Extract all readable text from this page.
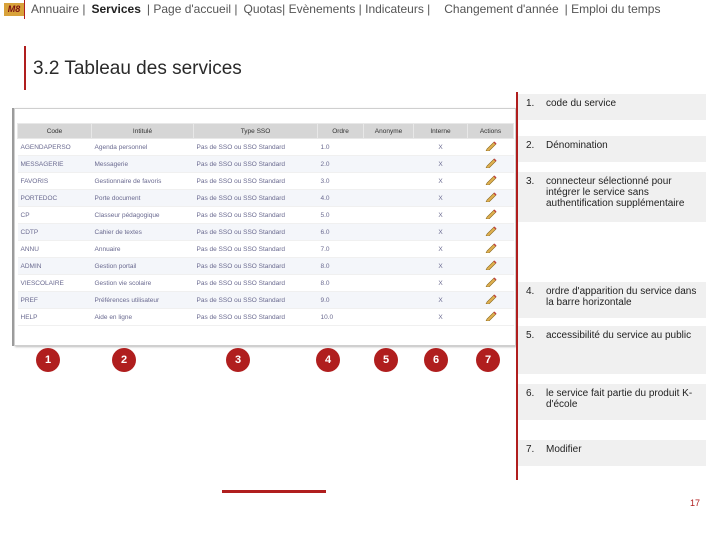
M8 Annuaire | Services | Page d'accueil | Quotas| Evènements | Indicateurs | Changement d'année | Emploi du temps
3.2 Tableau des services
Code	Intitulé	Type SSO	Ordre	Anonyme	Interne	Actions
AGENDAPERSO	Agenda personnel	Pas de SSO ou SSO Standard	1.0		X	
MESSAGERIE	Messagerie	Pas de SSO ou SSO Standard	2.0		X	
FAVORIS	Gestionnaire de favoris	Pas de SSO ou SSO Standard	3.0		X	
PORTEDOC	Porte document	Pas de SSO ou SSO Standard	4.0		X	
CP	Classeur pédagogique	Pas de SSO ou SSO Standard	5.0		X	
CDTP	Cahier de textes	Pas de SSO ou SSO Standard	6.0		X	
ANNU	Annuaire	Pas de SSO ou SSO Standard	7.0		X	
ADMIN	Gestion portail	Pas de SSO ou SSO Standard	8.0		X	
VIESCOLAIRE	Gestion vie scolaire	Pas de SSO ou SSO Standard	8.0		X	
PREF	Préférences utilisateur	Pas de SSO ou SSO Standard	9.0		X	
HELP	Aide en ligne	Pas de SSO ou SSO Standard	10.0		X	
1	2	3	4	5	6	7
1.	code du service
2.	Dénomination
3.	connecteur sélectionné pour intégrer le service sans authentification supplémentaire
4.	ordre d'apparition du service dans la barre horizontale
5.	accessibilité du service au public
6.	le service fait partie du produit K-d'école
7.	Modifier
17
